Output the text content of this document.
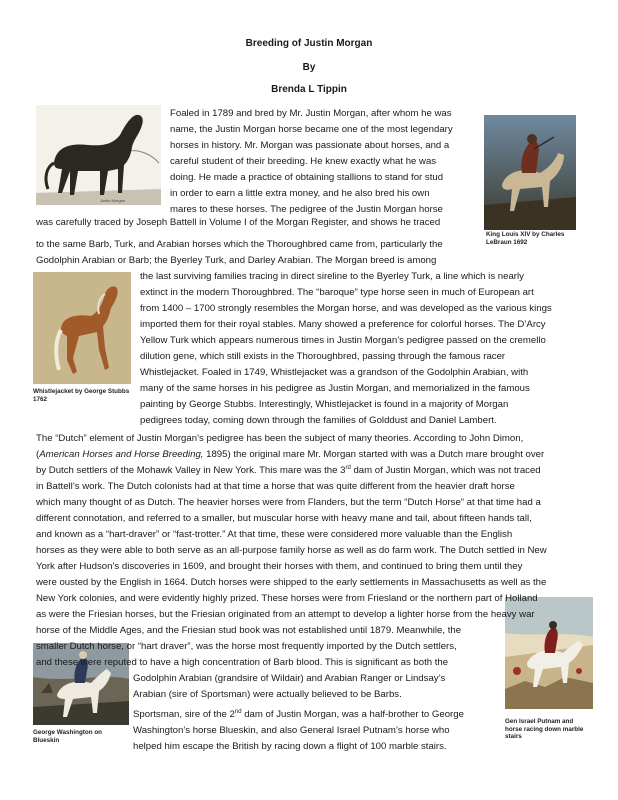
Breeding of Justin Morgan
By
Brenda L Tippin
Justin Morgan
King Louis XIV by Charles
LeBraun 1692
Whistlejacket by George Stubbs
1762
Gen Israel Putnam and
horse racing down marble
stairs
George Washington on
Blueskin
Foaled in 1789 and bred by Mr. Justin Morgan, after whom he was
name, the Justin Morgan horse became one of the most legendary
horses in history. Mr. Morgan was passionate about horses, and a
careful student of their breeding. He knew exactly what he was
doing. He made a practice of obtaining stallions to stand for stud
in order to earn a little extra money, and he also bred his own
mares to these horses. The pedigree of the Justin Morgan horse
was carefully traced by Joseph Battell in Volume I of the Morgan Register, and shows he traced
to the same Barb, Turk, and Arabian horses which the Thoroughbred came from, particularly the
Godolphin Arabian or Barb; the Byerley Turk, and Darley Arabian. The Morgan breed is among
the last surviving families tracing in direct sireline to the Byerley Turk, a line which is nearly
extinct in the modern Thoroughbred. The “baroque” type horse seen in much of European art
from 1400 – 1700 strongly resembles the Morgan horse, and was developed as the various kings
imported them for their royal stables. Many showed a preference for colorful horses. The D’Arcy
Yellow Turk which appears numerous times in Justin Morgan’s pedigree passed on the cremello
dilution gene, which still exists in the Thoroughbred, passing through the famous racer
Whistlejacket. Foaled in 1749, Whistlejacket was a grandson of the Godolphin Arabian, with
many of the same horses in his pedigree as Justin Morgan, and memorialized in the famous
painting by George Stubbs. Interestingly, Whistlejacket is found in a majority of Morgan
pedigrees today, coming down through the families of Golddust and Daniel Lambert.
The “Dutch” element of Justin Morgan’s pedigree has been the subject of many theories. According to John Dimon,
(American Horses and Horse Breeding, 1895) the original mare Mr. Morgan started with was a Dutch mare brought over
by Dutch settlers of the Mohawk Valley in New York. This mare was the 3rd dam of Justin Morgan, which was not traced
in Battell’s work. The Dutch colonists had at that time a horse that was quite different from the heavier draft horse
which many thought of as Dutch. The heavier horses were from Flanders, but the term “Dutch Horse” at that time had a
different connotation, and referred to a smaller, but muscular horse with heavy mane and tail, about fifteen hands tall,
and known as a “hart-draver” or “fast-trotter.” At that time, these were considered more valuable than the English
horses as they were able to both serve as an all-purpose family horse as well as do farm work. The Dutch settled in New
York after Hudson’s discoveries in 1609, and brought their horses with them, and continued to bring them until they
were ousted by the English in 1664. Dutch horses were shipped to the early settlements in Massachusetts as well as the
New York colonies, and were evidently highly prized. These horses were from Friesland or the northern part of Holland
as were the Friesian horses, but the Friesian originated from an attempt to develop a lighter horse from the heavy war
horse of the Middle Ages, and the Friesian stud book was not established until 1879. Meanwhile, the
smaller Dutch horse, or “hart draver”, was the horse most frequently imported by the Dutch settlers,
and these were reputed to have a high concentration of Barb blood. This is significant as both the
Godolphin Arabian (grandsire of Wildair) and Arabian Ranger or Lindsay’s
Arabian (sire of Sportsman) were actually believed to be Barbs.
Sportsman, sire of the 2nd dam of Justin Morgan, was a half-brother to George
Washington’s horse Blueskin, and also General Israel Putnam’s horse who
helped him escape the British by racing down a flight of 100 marble stairs.
